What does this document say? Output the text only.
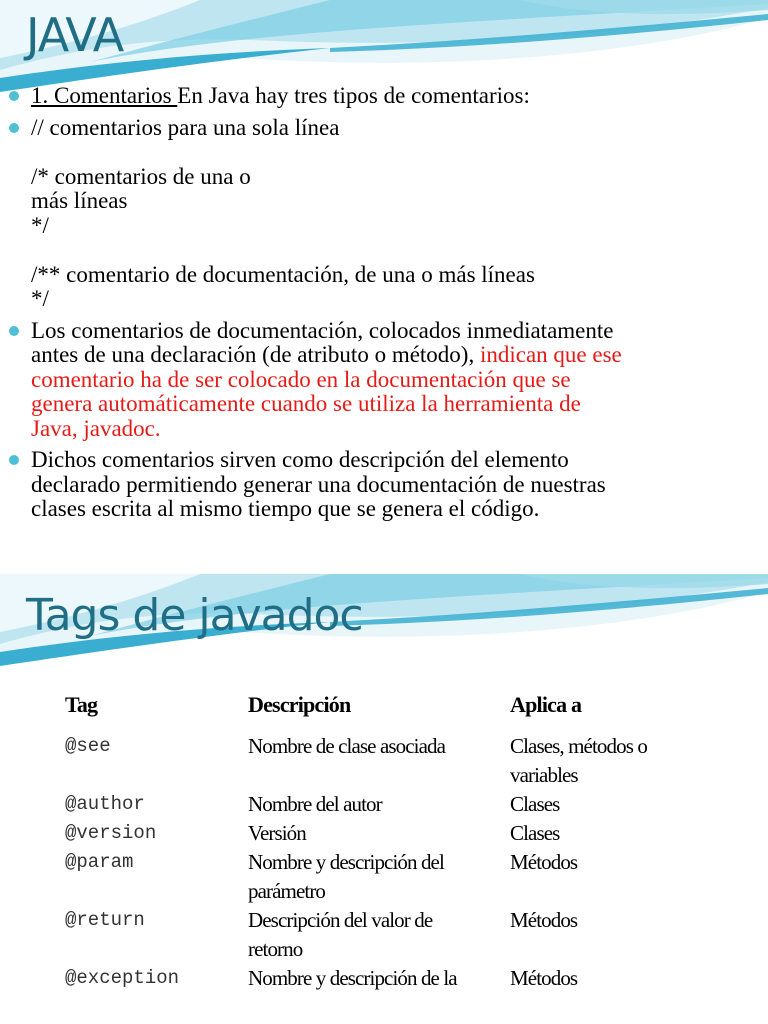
JAVA
1. Comentarios En Java hay tres tipos de comentarios:
// comentarios para una sola línea
/* comentarios de una o
más líneas
*/
/** comentario de documentación, de una o más líneas
*/
Los comentarios de documentación, colocados inmediatamente
antes de una declaración (de atributo o método), indican que ese
comentario ha de ser colocado en la documentación que se
genera automáticamente cuando se utiliza la herramienta de
Java, javadoc.
Dichos comentarios sirven como descripción del elemento
declarado permitiendo generar una documentación de nuestras
clases escrita al mismo tiempo que se genera el código.
Tags de javadoc
Tag	Descripción	Aplica a
@see	Nombre de clase asociada	Clases, métodos o
variables

@author	Nombre del autor	Clases

@version	Versión	Clases

@param	Nombre y descripción del
parámetro	Métodos

@return	Descripción del valor de
retorno	Métodos

@exception	Nombre y descripción de la	Métodos
